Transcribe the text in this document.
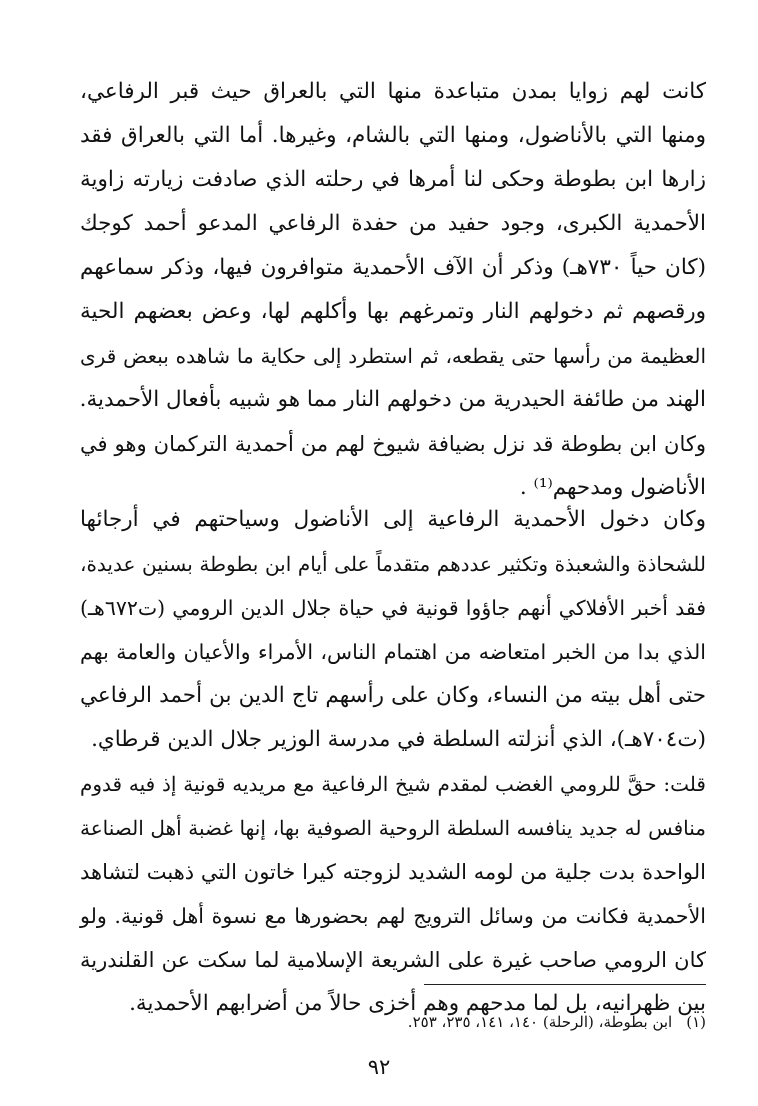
كانت لهم زوايا بمدن متباعدة منها التي بالعراق حيث قبر الرفاعي،
ومنها التي بالأناضول، ومنها التي بالشام، وغيرها. أما التي بالعراق فقد
زارها ابن بطوطة وحكى لنا أمرها في رحلته الذي صادفت زيارته زاوية
الأحمدية الكبرى، وجود حفيد من حفدة الرفاعي المدعو أحمد كوجك
(كان حياً ٧٣٠هـ) وذكر أن الآف الأحمدية متوافرون فيها، وذكر سماعهم
ورقصهم ثم دخولهم النار وتمرغهم بها وأكلهم لها، وعض بعضهم الحية
العظيمة من رأسها حتى يقطعه، ثم استطرد إلى حكاية ما شاهده ببعض قرى
الهند من طائفة الحيدرية من دخولهم النار مما هو شبيه بأفعال الأحمدية.
وكان ابن بطوطة قد نزل بضيافة شيوخ لهم من أحمدية التركمان وهو في
الأناضول ومدحهم⁽¹⁾ .
وكان دخول الأحمدية الرفاعية إلى الأناضول وسياحتهم في أرجائها
للشحاذة والشعبذة وتكثير عددهم متقدماً على أيام ابن بطوطة بسنين عديدة،
فقد أخبر الأفلاكي أنهم جاؤوا قونية في حياة جلال الدين الرومي (ت٦٧٢هـ)
الذي بدا من الخبر امتعاضه من اهتمام الناس، الأمراء والأعيان والعامة بهم
حتى أهل بيته من النساء، وكان على رأسهم تاج الدين بن أحمد الرفاعي
(ت٧٠٤هـ)، الذي أنزلته السلطة في مدرسة الوزير جلال الدين قرطاي.
قلت: حقَّ للرومي الغضب لمقدم شيخ الرفاعية مع مريديه قونية إذ فيه قدوم
منافس له جديد ينافسه السلطة الروحية الصوفية بها، إنها غضبة أهل الصناعة
الواحدة بدت جلية من لومه الشديد لزوجته كيرا خاتون التي ذهبت لتشاهد
الأحمدية فكانت من وسائل الترويج لهم بحضورها مع نسوة أهل قونية. ولو
كان الرومي صاحب غيرة على الشريعة الإسلامية لما سكت عن القلندرية
بين ظهرانيه، بل لما مدحهم وهم أخزى حالاً من أضرابهم الأحمدية.
(١)ابن بطوطة، (الرحلة) ١٤٠، ١٤١، ٢٣٥، ٢٥٣.
٩٢
